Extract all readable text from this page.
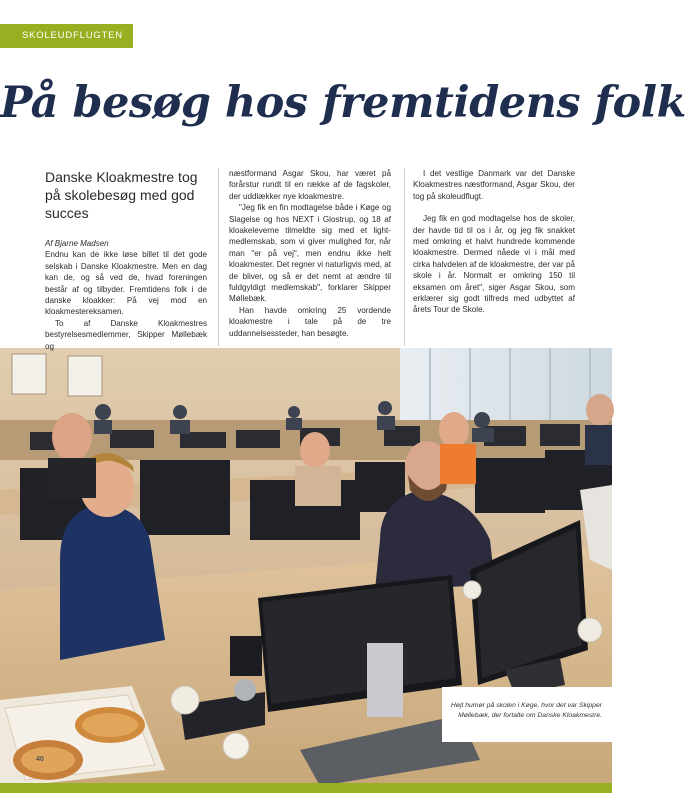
SKOLEUDFLUGTEN
På besøg hos fremtidens folk
Danske Kloakmestre tog på skolebesøg med god succes

Af Bjarne Madsen

Endnu kan de ikke løse billet til det gode selskab i Danske Kloakmestre. Men en dag kan de, og så ved de, hvad foreningen består af og tilbyder. Fremtidens folk i de danske kloakker: På vej mod en kloakmestereksamen.

To af Danske Kloakmestres bestyrelsesmedlemmer, Skipper Møllebæk og

næstformand Asgar Skou, har været på forårstur rundt til en række af de fagskoler, der uddlækker nye kloakmestre.

"Jeg fik en fin modtagelse både i Køge og Slagelse og hos NEXT i Glostrup, og 18 af kloakeleverne tilmeldte sig med et light-medlemskab, som vi giver mulighed for, når man "er på vej", men endnu ikke helt kloakmester. Det regner vi naturligvis med, at de bliver, og så er det nemt at ændre til fuldgyldigt medlemskab", forklarer Skipper Møllebæk.

Han havde omkring 25 vordende kloakmestre i tale på de tre uddannelsessteder, han besøgte.

I det vestlige Danmark var det Danske Kloakmestres næstformand, Asgar Skou, der tog på skoleudflugt.

Jeg fik en god modtagelse hos de skoler, der havde tid til os i år, og jeg fik snakket med omkring et halvt hundrede kommende kloakmestre. Dermed nåede vi i mål med cirka halvdelen af de kloakmestre, der var på skole i år. Normalt er omkring 150 til eksamen om året", siger Asgar Skou, som erklærer sig godt tilfreds med udbyttet af årets Tour de Skole.

Højt humør på skolen i Køge, hvor det var Skipper Møllebæk, der fortalte om Danske Kloakmestre.
40
